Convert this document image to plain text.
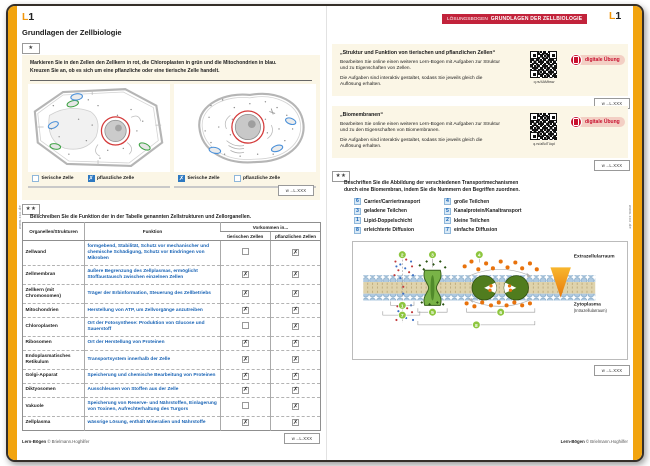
www.xxx.de	www.xxx.de
L1
Grundlagen der Zellbiologie
★
Markieren Sie in den Zellen den Zellkern in rot, die Chloroplasten in grün und die Mitochondrien in blau.
Kreuzen Sie an, ob es sich um eine pflanzliche oder eine tierische Zelle handelt.
tierische Zelle ✗ pflanzliche Zelle	✗ tierische Zelle	pflanzliche Zelle
w→L.XXX
★★
Beschreiben Sie die Funktion der in der Tabelle genannten Zellstrukturen und Zellorganellen.
Organellen/Strukturen	Funktion	Vorkommen in...	
		tierischen Zellen	pflanzlichen Zellen
Zellwand	formgebend, Stabilität, Schutz vor mechanischer und chemische Schädigung, Schutz vor Eindringen von Mikroben		✗
Zellmembran	äußere Begrenzung des Zellplasmas, ermöglicht Stoffaustausch zwischen einzelnen Zellen	✗	✗
Zellkern (mit Chromosomen)	Träger der Erbinformation, Steuerung des Zellbetriebs	✗	✗
Mitochondrien	Herstellung von ATP, um Zellvorgänge anzutreiben	✗	✗
Chloroplasten	Ort der Fotosynthese: Produktion von Glucose und Sauerstoff		✗
Ribosomen	Ort der Herstellung von Proteinen	✗	✗
Endoplasmatisches Retikulum	Transportsystem innerhalb der Zelle	✗	✗
Golgi-Apparat	Speicherung und chemische Bearbeitung von Proteinen	✗	✗
Diktyosomen	Ausschleusen von Stoffen aus der Zelle	✗	✗
Vakuole	Speicherung von Reserve- und Nährstoffen, Einlagerung von Toxinen, Aufrechterhaltung des Turgors		✗
Zellplasma	wässrige Lösung, enthält Mineralien und Nährstoffe	✗	✗
w→L.XXX
Lern-Bögen © Brielmann.Hoghilfer
LÖSUNGSBOGEN GRUNDLAGEN DER ZELLBIOLOGIE	L1
„Struktur und Funktion von tierischen und pflanzlichen Zellen“
Bearbeiten Sie online einen weiteren Lern-Bogen mit Aufgaben zur Struktur und zu Eigenschaften von Zellen.
Die Aufgaben sind interaktiv gestaltet, sodass Sie jeweils gleich die Auflösung erhalten.
q.rs/4AMbsw
digitale Übung
w→L.XXX
„Biomembranen“
Bearbeiten Sie online einen weiteren Lern-Bogen mit Aufgaben zur Struktur und zu den Eigenschaften von Biomembranen.
Die Aufgaben sind interaktiv gestaltet, sodass Sie jeweils gleich die Auflösung erhalten.
q.rs/aBdTüqd
digitale Übung
w→L.XXX
★★
Beschriften Sie die Abbildung der verschiedenen Transportmechanismen
durch eine Biomembran, indem Sie die Nummern den Begriffen zuordnen.
6	Carrier/Carriertransport
3	geladene Teilchen
1	Lipid-Doppelschicht
8	erleichterte Diffusion
4	große Teilchen
5	Kanalprotein/Kanaltransport
2	kleine Teilchen
7	einfache Diffusion
Extrazellularraum
Zytoplasma
(Intrazellularraum)
2	3	4
1
7
5	6
8
w→L.XXX
Lern-Bögen © Brielmann.Hoghilfer
